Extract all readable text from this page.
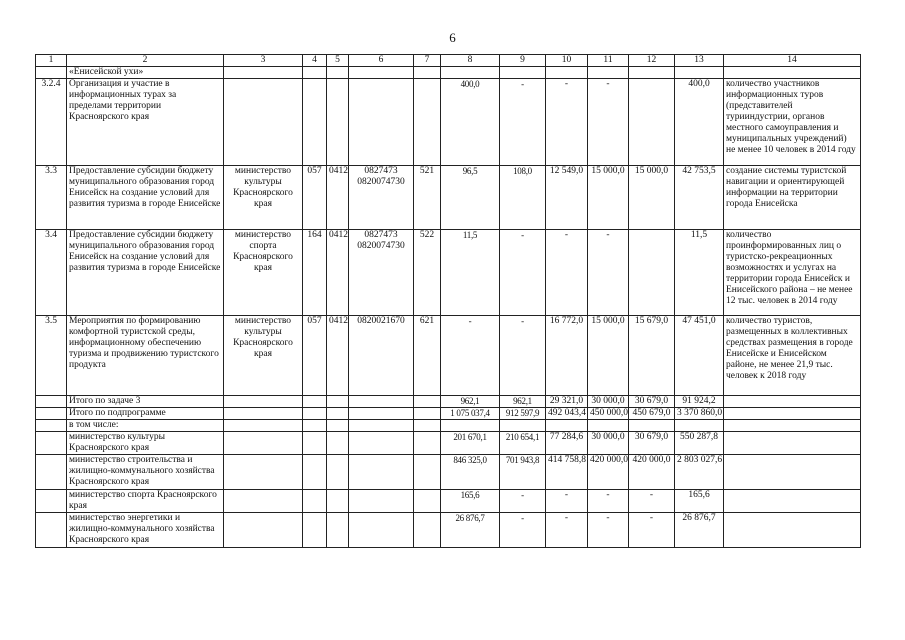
6
1	2	3	4	5	6	7	8	9	10	11	12	13	14
	«Енисейской ухи»												
3.2.4	Организация и участие в информационных турах за пределами территории Красноярского края						400,0	-	-	-		400,0	количество участников информационных туров (представителей турииндустрии, органов местного самоуправления и муниципальных учреждений) не менее 10 человек в 2014 году
3.3	Предоставление субсидии бюджету муниципального образования город Енисейск на создание условий для развития туризма в городе Енисейске	министерство культуры Красноярского края	057	0412	0827473 0820074730	521	96,5	108,0	12 549,0	15 000,0	15 000,0	42 753,5	создание системы туристской навигации и ориентирующей информации на территории города Енисейска
3.4	Предоставление субсидии бюджету муниципального образования город Енисейск на создание условий для развития туризма в городе Енисейске	министерство спорта Красноярского края	164	0412	0827473 0820074730	522	11,5	-	-	-		11,5	количество проинформированных лиц о туристско-рекреационных возможностях и услугах на территории города Енисейск и Енисейского района – не менее 12 тыс. человек в 2014 году
3.5	Мероприятия по формированию комфортной туристской среды, информационному обеспечению туризма и продвижению туристского продукта	министерство культуры Красноярского края	057	0412	0820021670	621	-	-	16 772,0	15 000,0	15 679,0	47 451,0	количество туристов, размещенных в коллективных средствах размещения в городе Енисейске и Енисейском районе, не менее 21,9 тыс. человек к 2018 году
	Итого по задаче 3						962,1	962,1	29 321,0	30 000,0	30 679,0	91 924,2	
	Итого по подпрограмме						1 075 037,4	912 597,9	492 043,4	450 000,0	450 679,0	3 370 860,0	
	в том числе:												
	министерство культуры Красноярского края						201 670,1	210 654,1	77 284,6	30 000,0	30 679,0	550 287,8	
	министерство строительства и жилищно-коммунального хозяйства Красноярского края						846 325,0	701 943,8	414 758,8	420 000,0	420 000,0	2 803 027,6	
	министерство спорта Красноярского края						165,6	-	-	-	-	165,6	
	министерство энергетики и жилищно-коммунального хозяйства Красноярского края						26 876,7	-	-	-	-	26 876,7	
